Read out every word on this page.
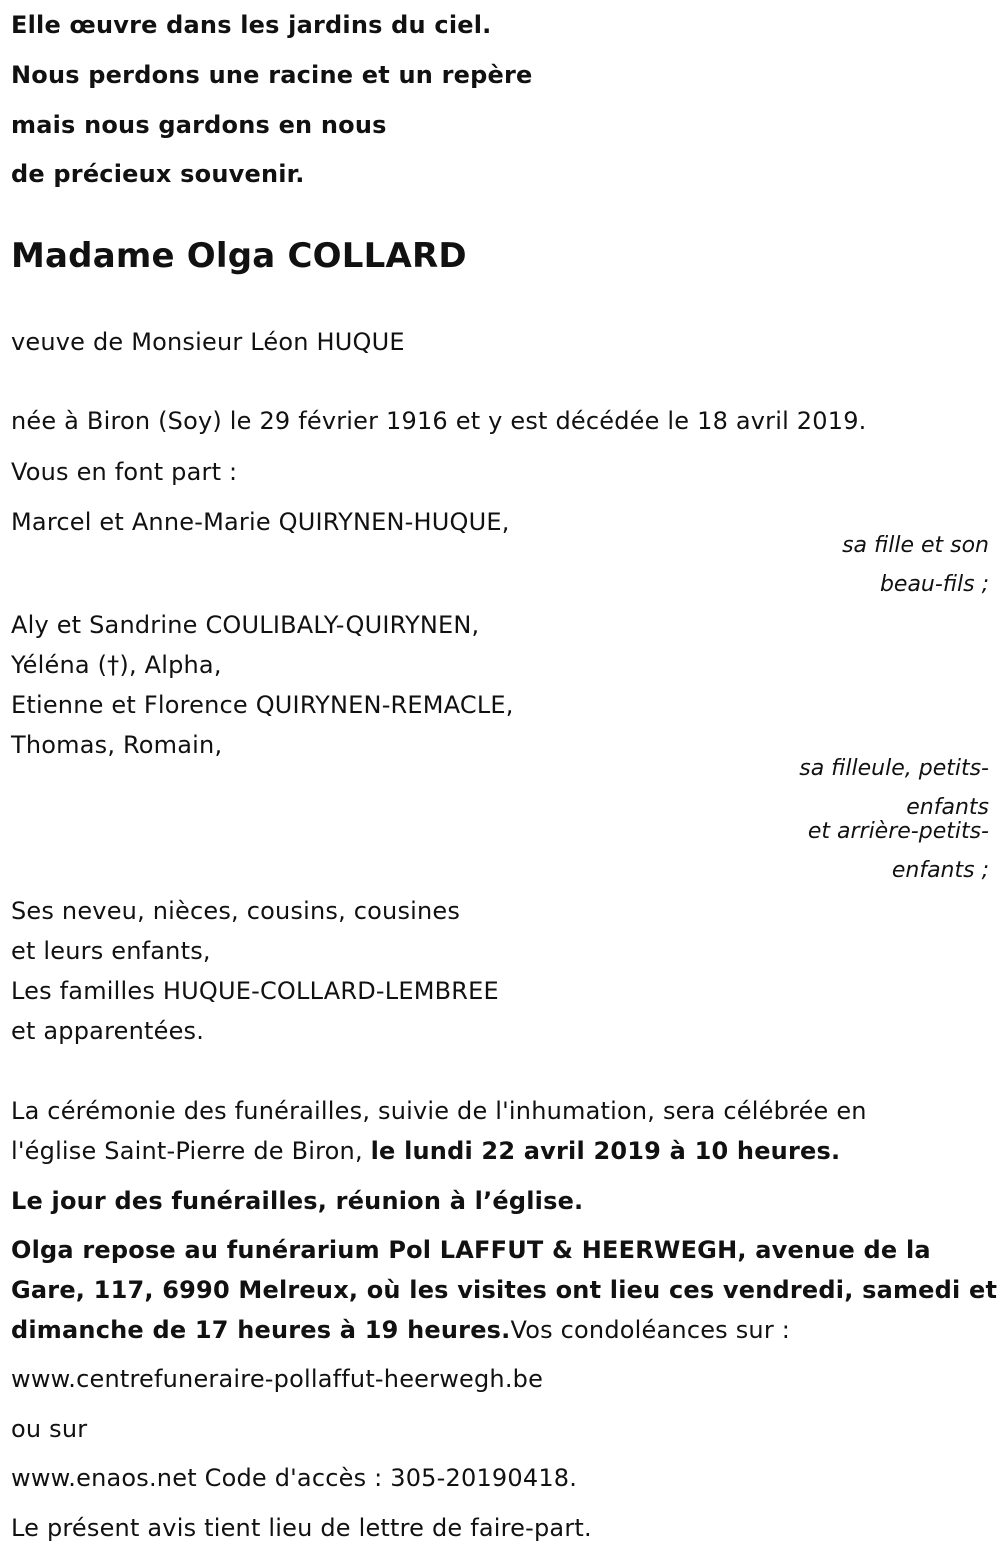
Elle œuvre dans les jardins du ciel.
Nous perdons une racine et un repère
mais nous gardons en nous
de précieux souvenir.
Madame Olga COLLARD
veuve de Monsieur Léon HUQUE
née à Biron (Soy) le 29 février 1916 et y est décédée le 18 avril 2019.
Vous en font part :
Marcel et Anne-Marie QUIRYNEN-HUQUE,
sa fille et son
beau-fils ;
Aly et Sandrine COULIBALY-QUIRYNEN,
Yéléna (†), Alpha,
Etienne et Florence QUIRYNEN-REMACLE,
Thomas, Romain,
sa filleule, petits-
enfants
et arrière-petits-
enfants ;
Ses neveu, nièces, cousins, cousines
et leurs enfants,
Les familles HUQUE-COLLARD-LEMBREE
et apparentées.
La cérémonie des funérailles, suivie de l'inhumation, sera célébrée en
l'église Saint-Pierre de Biron, le lundi 22 avril 2019 à 10 heures.
Le jour des funérailles, réunion à l’église.
Olga repose au funérarium Pol LAFFUT & HEERWEGH, avenue de la
Gare, 117, 6990 Melreux, où les visites ont lieu ces vendredi, samedi et
dimanche de 17 heures à 19 heures.Vos condoléances sur :
www.centrefuneraire-pollaffut-heerwegh.be
ou sur
www.enaos.net Code d'accès : 305-20190418.
Le présent avis tient lieu de lettre de faire-part.
